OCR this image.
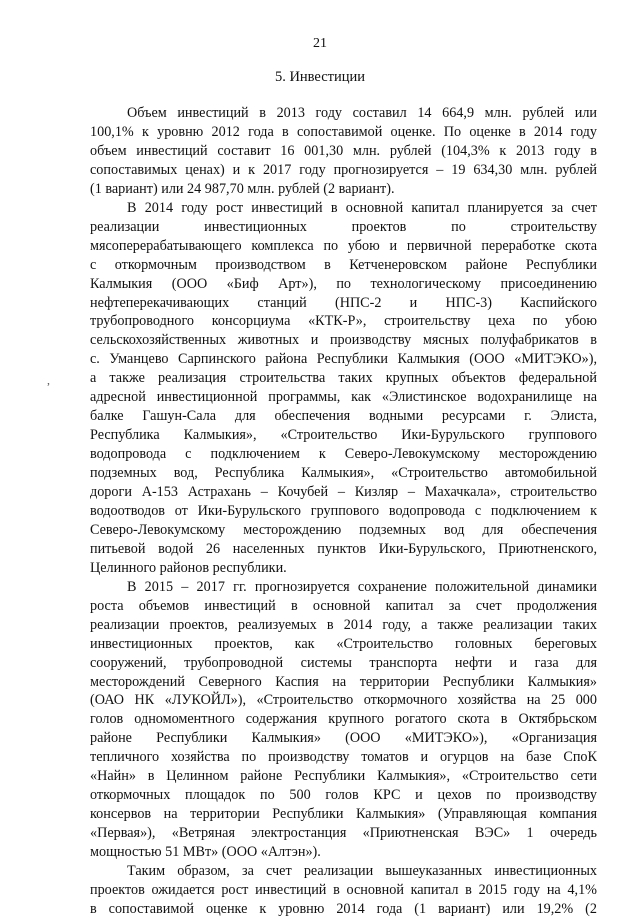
21
5. Инвестиции
Объем инвестиций в 2013 году составил 14 664,9 млн. рублей или
100,1% к уровню 2012 года в сопоставимой оценке. По оценке в 2014 году
объем инвестиций составит 16 001,30 млн. рублей (104,3% к 2013 году в
сопоставимых ценах) и к 2017 году прогнозируется – 19 634,30 млн. рублей
(1 вариант) или 24 987,70 млн. рублей (2 вариант).
В 2014 году рост инвестиций в основной капитал планируется за счет
реализации инвестиционных проектов по строительству
мясоперерабатывающего комплекса по убою и первичной переработке скота
с откормочным производством в Кетченеровском районе Республики
Калмыкия (ООО «Биф Арт»), по технологическому присоединению
нефтеперекачивающих станций (НПС-2 и НПС-3) Каспийского
трубопроводного консорциума «КТК-Р», строительству цеха по убою
сельскохозяйственных животных и производству мясных полуфабрикатов в
с. Уманцево Сарпинского района Республики Калмыкия (ООО «МИТЭКО»),
а также реализация строительства таких крупных объектов федеральной
адресной инвестиционной программы, как «Элистинское водохранилище на
балке Гашун-Сала для обеспечения водными ресурсами г. Элиста,
Республика Калмыкия», «Строительство Ики-Бурульского группового
водопровода с подключением к Северо-Левокумскому месторождению
подземных вод, Республика Калмыкия», «Строительство автомобильной
дороги А-153 Астрахань – Кочубей – Кизляр – Махачкала», строительство
водоотводов от Ики-Бурульского группового водопровода с подключением к
Северо-Левокумскому месторождению подземных вод для обеспечения
питьевой водой 26 населенных пунктов Ики-Бурульского, Приютненского,
Целинного районов республики.
В 2015 – 2017 гг. прогнозируется сохранение положительной динамики
роста объемов инвестиций в основной капитал за счет продолжения
реализации проектов, реализуемых в 2014 году, а также реализации таких
инвестиционных проектов, как «Строительство головных береговых
сооружений, трубопроводной системы транспорта нефти и газа для
месторождений Северного Каспия на территории Республики Калмыкия»
(ОАО НК «ЛУКОЙЛ»), «Строительство откормочного хозяйства на 25 000
голов одномоментного содержания крупного рогатого скота в Октябрьском
районе Республики Калмыкия» (ООО «МИТЭКО»), «Организация
тепличного хозяйства по производству томатов и огурцов на базе СпоК
«Найн» в Целинном районе Республики Калмыкия», «Строительство сети
откормочных площадок по 500 голов КРС и цехов по производству
консервов на территории Республики Калмыкия» (Управляющая компания
«Первая»), «Ветряная электростанция «Приютненская ВЭС» 1 очередь
мощностью 51 МВт» (ООО «Алтэн»).
Таким образом, за счет реализации вышеуказанных инвестиционных
проектов ожидается рост инвестиций в основной капитал в 2015 году на 4,1%
в сопоставимой оценке к уровню 2014 года (1 вариант) или 19,2% (2
,
